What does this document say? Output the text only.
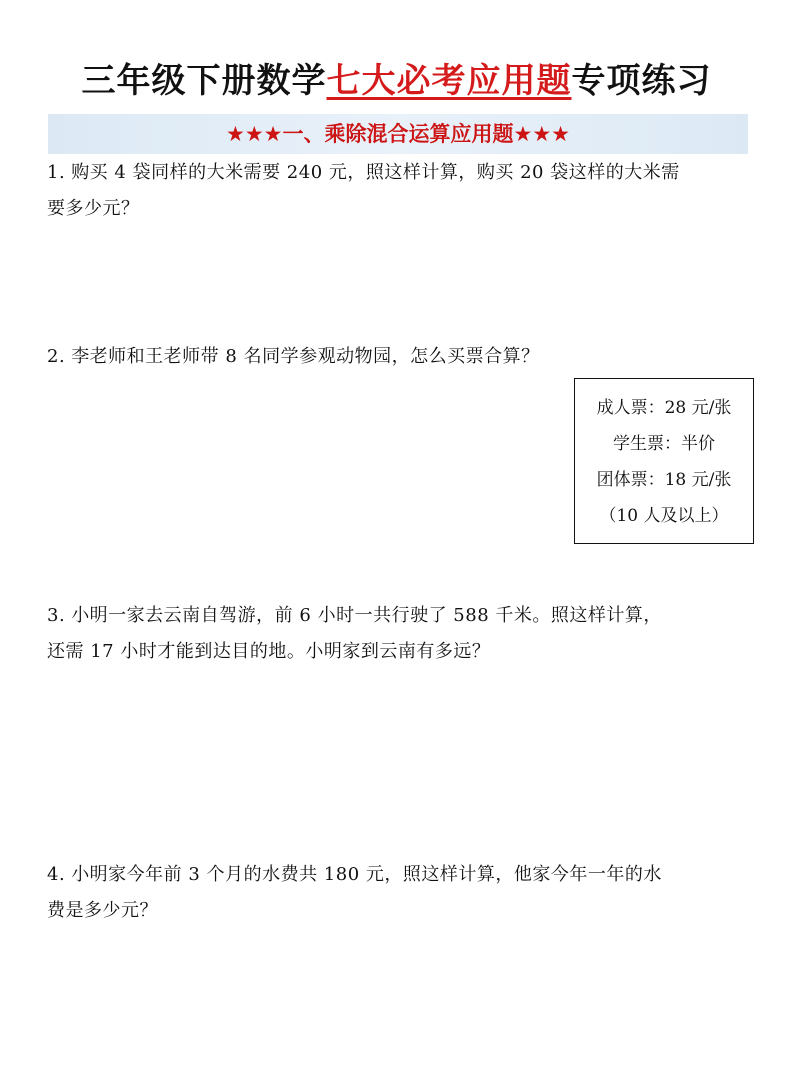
三年级下册数学七大必考应用题专项练习
★★★一、乘除混合运算应用题★★★
1. 购买 4 袋同样的大米需要 240 元，照这样计算，购买 20 袋这样的大米需
要多少元？
2. 李老师和王老师带 8 名同学参观动物园，怎么买票合算？
成人票：28 元/张
学生票：半价
团体票：18 元/张
（10 人及以上）
3. 小明一家去云南自驾游，前 6 小时一共行驶了 588 千米。照这样计算，
还需 17 小时才能到达目的地。小明家到云南有多远？
4. 小明家今年前 3 个月的水费共 180 元，照这样计算，他家今年一年的水
费是多少元？
